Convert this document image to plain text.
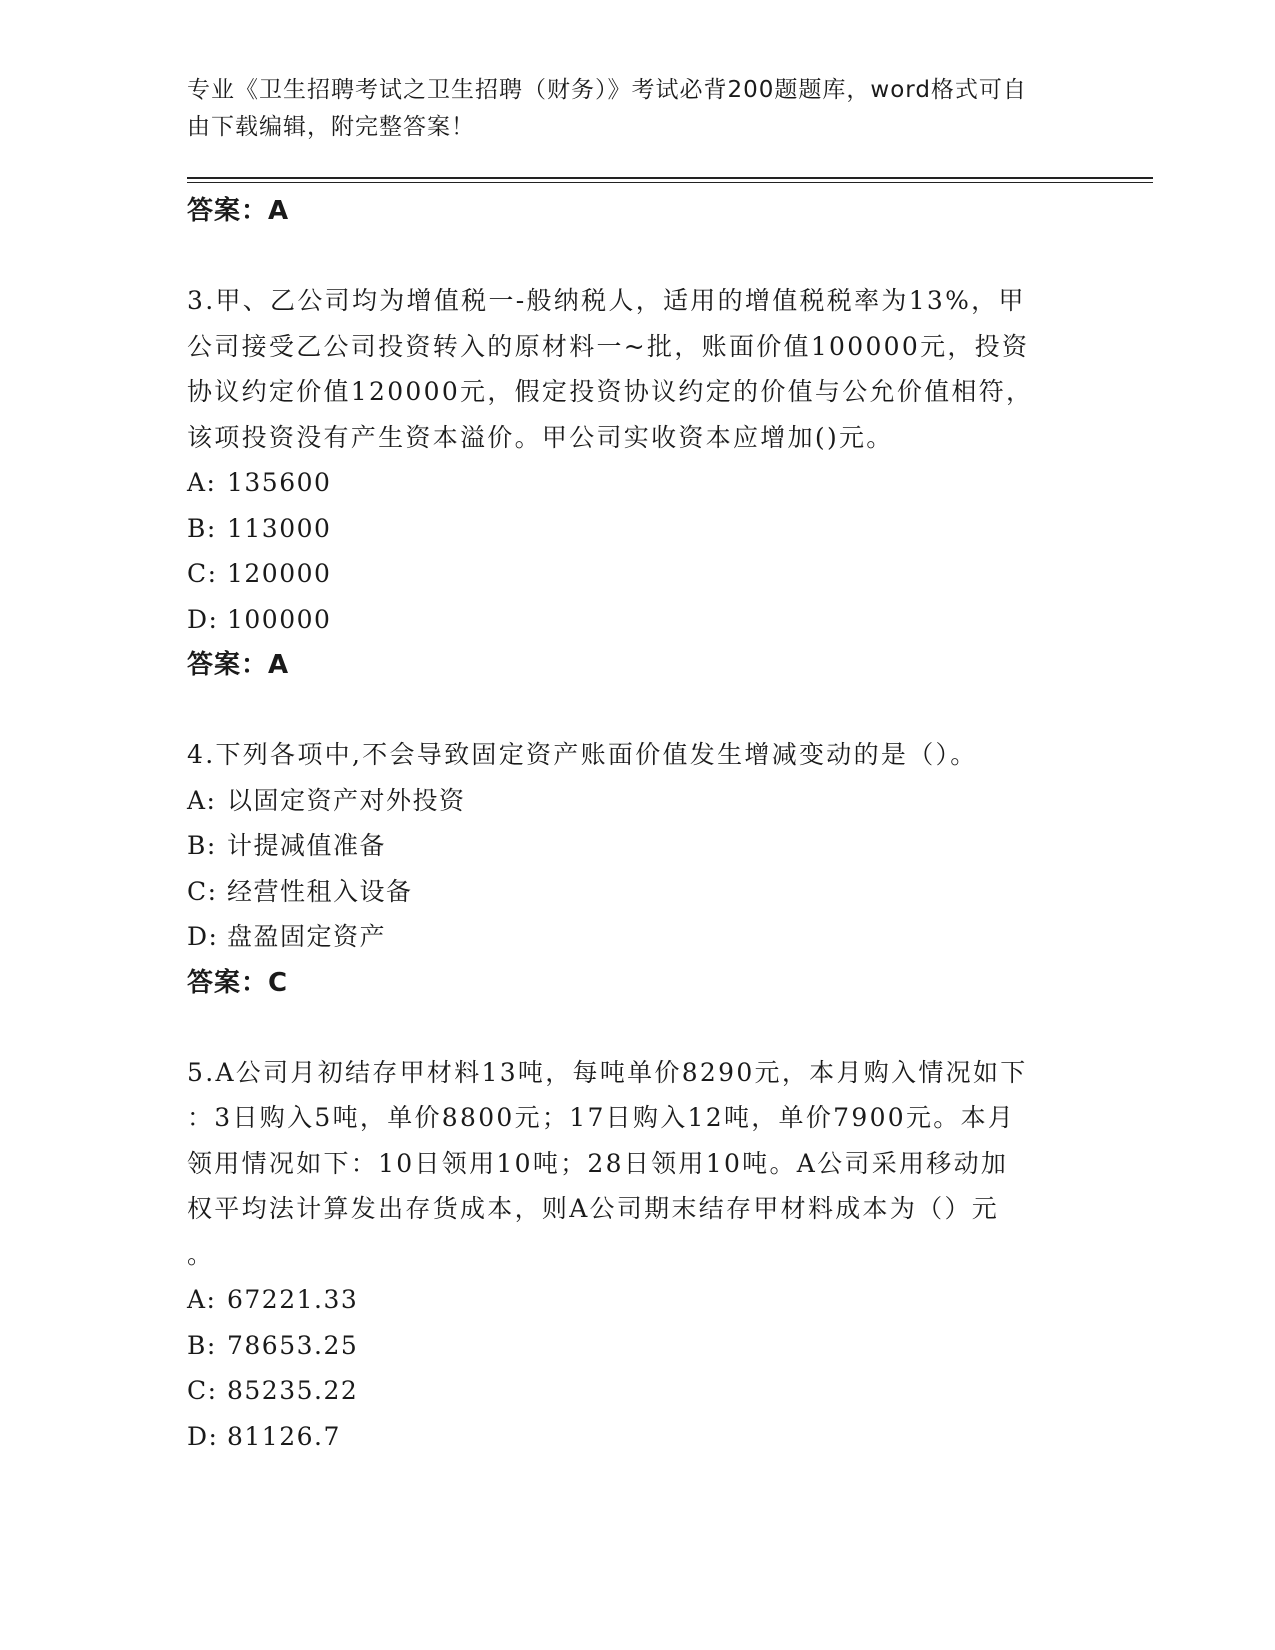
专业《卫生招聘考试之卫生招聘（财务）》考试必背200题题库，word格式可自
由下载编辑，附完整答案！
答案：A
3.甲、乙公司均为增值税一-般纳税人，适用的增值税税率为13%，甲
公司接受乙公司投资转入的原材料一~批，账面价值100000元，投资
协议约定价值120000元，假定投资协议约定的价值与公允价值相符，
该项投资没有产生资本溢价。甲公司实收资本应增加()元。
A: 135600
B: 113000
C: 120000
D: 100000
答案：A
4.下列各项中,不会导致固定资产账面价值发生增减变动的是（）。
A: 以固定资产对外投资
B: 计提减值准备
C: 经营性租入设备
D: 盘盈固定资产
答案：C
5.A公司月初结存甲材料13吨，每吨单价8290元，本月购入情况如下
：3日购入5吨，单价8800元；17日购入12吨，单价7900元。本月
领用情况如下：10日领用10吨；28日领用10吨。A公司采用移动加
权平均法计算发出存货成本，则A公司期末结存甲材料成本为（）元
。
A: 67221.33
B: 78653.25
C: 85235.22
D: 81126.7
